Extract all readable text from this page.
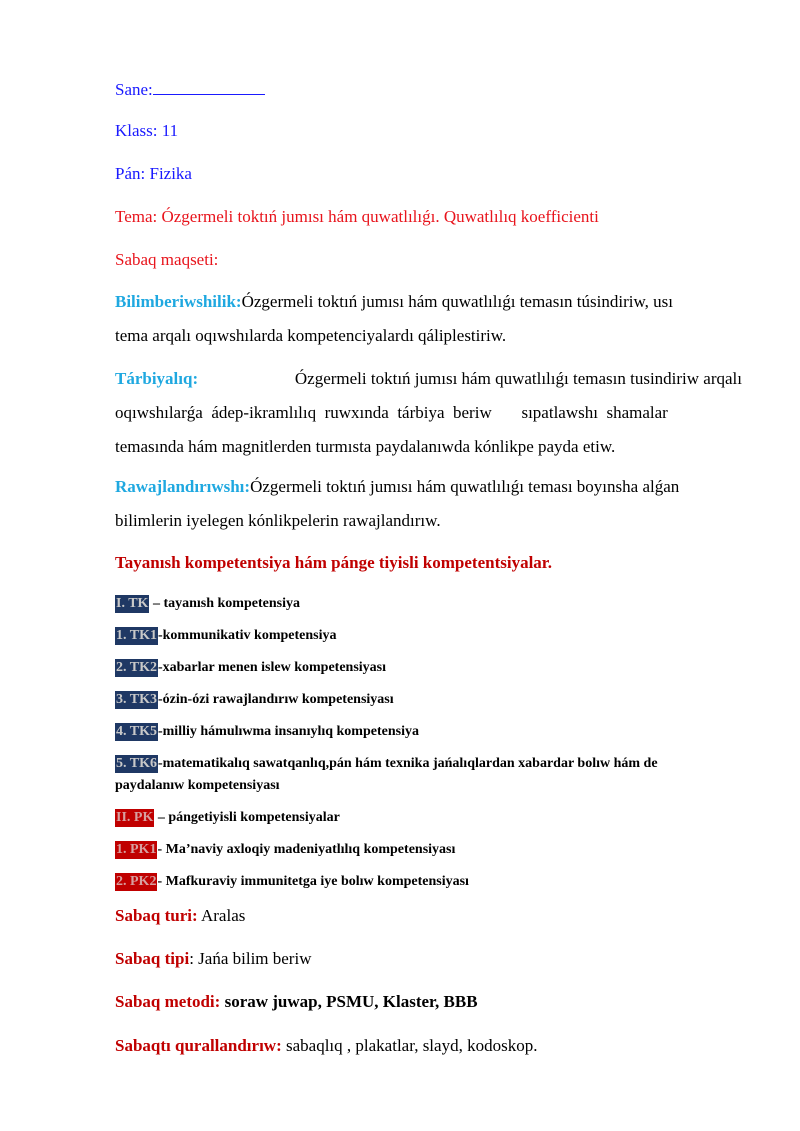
Sane:
Klass: 11
Pán: Fizika
Tema: Ózgermeli toktıń jumısı hám quwatlılıǵı. Quwatlılıq koefficienti
Sabaq maqseti:
Bilimberiwshilik:Ózgermeli toktıń jumısı hám quwatlılıǵı temasın túsindiriw, usı
tema arqalı oqıwshılarda kompetenciyalardı qáliplestiriw.
Tárbiyalıq:	Ózgermeli toktıń jumısı hám quwatlılıǵı temasın tusindiriw arqalı
oqıwshılarǵa  ádep-ikramlılıq  ruwxında  tárbiya  beriw       sıpatlawshı  shamalar
temasında hám magnitlerden turmısta paydalanıwda kónlikpe payda etiw.
Rawajlandırıwshı:Ózgermeli toktıń jumısı hám quwatlılıǵı teması boyınsha alǵan
bilimlerin iyelegen kónlikpelerin rawajlandırıw.
Tayanısh kompetentsiya hám pánge tiyisli kompetentsiyalar.
I. TK – tayanısh kompetensiya
1. TK1-kommunikativ kompetensiya
2. TK2-xabarlar menen islew kompetensiyası
3. TK3-ózin-ózi rawajlandırıw kompetensiyası
4. TK5-milliy hámulıwma insanıylıq kompetensiya
5. TK6-matematikalıq sawatqanlıq,pán hám texnika jańalıqlardan xabardar bolıw hám de
paydalanıw kompetensiyası
II. PK – pángetiyisli kompetensiyalar
1. PK1- Ma’naviy axloqiy madeniyatlılıq kompetensiyası
2. PK2- Mafkuraviy immunitetga iye bolıw kompetensiyası
Sabaq turi: Aralas
Sabaq tipi: Jańa bilim beriw
Sabaq metodi: soraw juwap, PSMU, Klaster, BBB
Sabaqtı qurallandırıw: sabaqlıq , plakatlar, slayd, kodoskop.
